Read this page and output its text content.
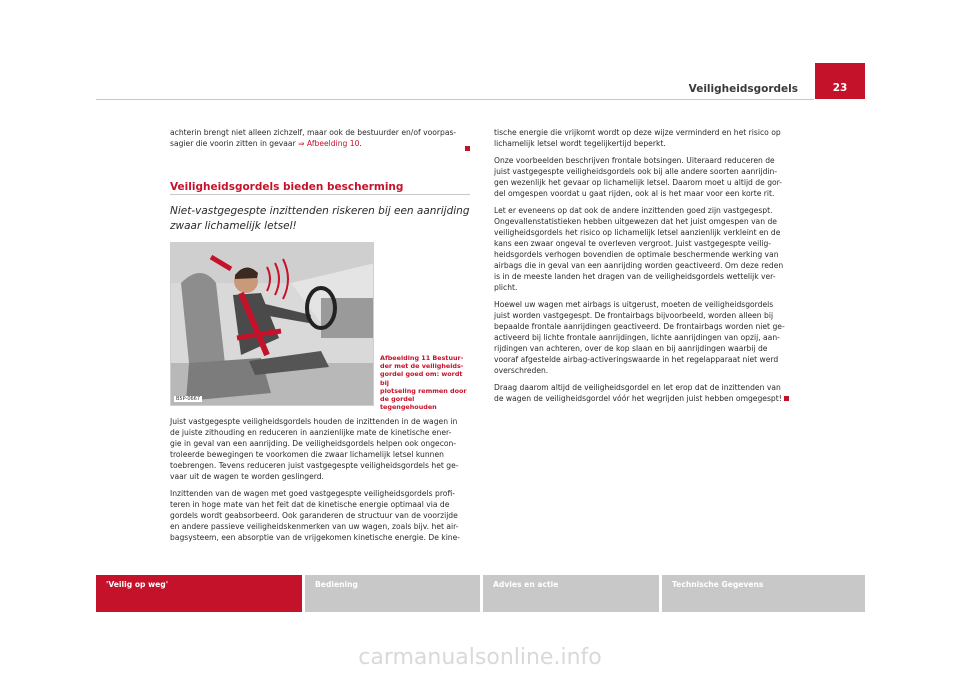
23
Veiligheidsgordels
achterin brengt niet alleen zichzelf, maar ook de bestuurder en/of voorpas-
sagier die voorin zitten in gevaar ⇒ Afbeelding 10.
Veiligheidsgordels bieden bescherming
Niet-vastgegespte inzittenden riskeren bij een aanrijding
zwaar lichamelijk letsel!
B5P-0667
Afbeelding 11 Bestuur-
der met de veiligheids-
gordel goed om: wordt bij
plotseling remmen door
de gordel tegengehouden

Juist vastgegespte veiligheidsgordels houden de inzittenden in de wagen in
de juiste zithouding en reduceren in aanzienlijke mate de kinetische ener-
gie in geval van een aanrijding. De veiligheidsgordels helpen ook ongecon-
troleerde bewegingen te voorkomen die zwaar lichamelijk letsel kunnen
toebrengen. Tevens reduceren juist vastgegespte veiligheidsgordels het ge-
vaar uit de wagen te worden geslingerd.

Inzittenden van de wagen met goed vastgegespte veiligheidsgordels profi-
teren in hoge mate van het feit dat de kinetische energie optimaal via de
gordels wordt geabsorbeerd. Ook garanderen de structuur van de voorzijde
en andere passieve veiligheidskenmerken van uw wagen, zoals bijv. het air-
bagsysteem, een absorptie van de vrijgekomen kinetische energie. De kine-

tische energie die vrijkomt wordt op deze wijze verminderd en het risico op
lichamelijk letsel wordt tegelijkertijd beperkt.

Onze voorbeelden beschrijven frontale botsingen. Uiteraard reduceren de
juist vastgegespte veiligheidsgordels ook bij alle andere soorten aanrijdin-
gen wezenlijk het gevaar op lichamelijk letsel. Daarom moet u altijd de gor-
del omgespen voordat u gaat rijden, ook al is het maar voor een korte rit.

Let er eveneens op dat ook de andere inzittenden goed zijn vastgegespt.
Ongevallenstatistieken hebben uitgewezen dat het juist omgespen van de
veiligheidsgordels het risico op lichamelijk letsel aanzienlijk verkleint en de
kans een zwaar ongeval te overleven vergroot. Juist vastgegespte veilig-
heidsgordels verhogen bovendien de optimale beschermende werking van
airbags die in geval van een aanrijding worden geactiveerd. Om deze reden
is in de meeste landen het dragen van de veiligheidsgordels wettelijk ver-
plicht.

Hoewel uw wagen met airbags is uitgerust, moeten de veiligheidsgordels
juist worden vastgegespt. De frontairbags bijvoorbeeld, worden alleen bij
bepaalde frontale aanrijdingen geactiveerd. De frontairbags worden niet ge-
activeerd bij lichte frontale aanrijdingen, lichte aanrijdingen van opzij, aan-
rijdingen van achteren, over de kop slaan en bij aanrijdingen waarbij de
vooraf afgestelde airbag-activeringswaarde in het regelapparaat niet werd
overschreden.

Draag daarom altijd de veiligheidsgordel en let erop dat de inzittenden van
de wagen de veiligheidsgordel vóór het wegrijden juist hebben omgegespt!

'Veilig op weg'	Bediening	Advies en actie	Technische Gegevens
carmanualsonline.info
